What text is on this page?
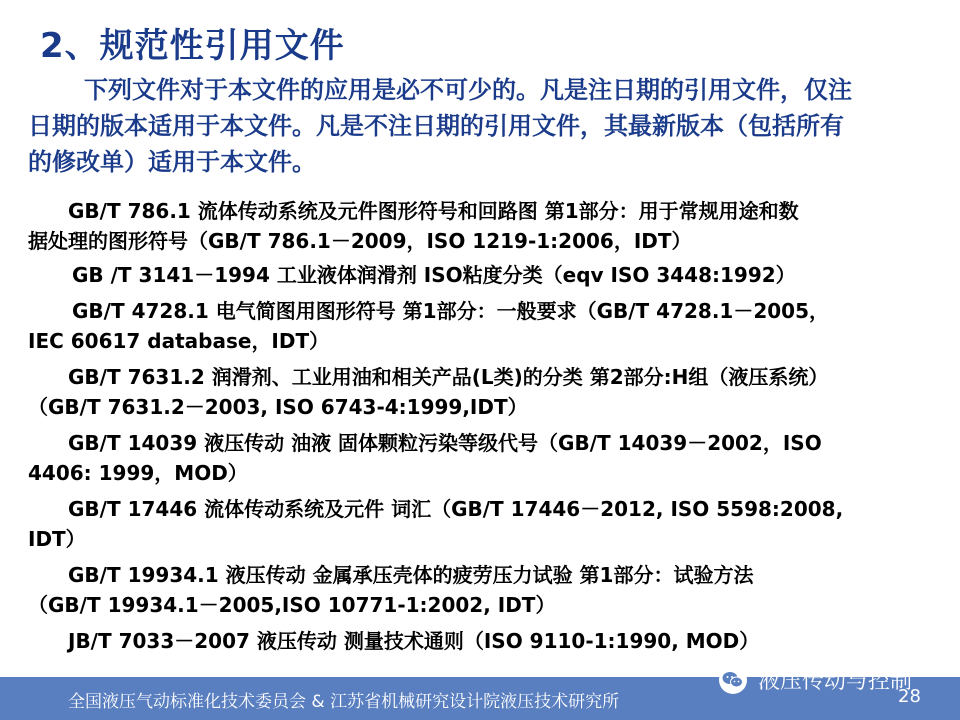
2、规范性引用文件
下列文件对于本文件的应用是必不可少的。凡是注日期的引用文件，仅注
日期的版本适用于本文件。凡是不注日期的引用文件，其最新版本（包括所有
的修改单）适用于本文件。
GB/T 786.1 流体传动系统及元件图形符号和回路图 第1部分：用于常规用途和数
据处理的图形符号（GB/T 786.1－2009，ISO 1219-1:2006，IDT）
GB /T 3141－1994 工业液体润滑剂 ISO粘度分类（eqv ISO 3448:1992）
GB/T 4728.1 电气简图用图形符号 第1部分：一般要求（GB/T 4728.1－2005，
IEC 60617 database，IDT）
GB/T 7631.2 润滑剂、工业用油和相关产品(L类)的分类 第2部分:H组（液压系统）
（GB/T 7631.2－2003, ISO 6743-4:1999,IDT）
GB/T 14039 液压传动 油液 固体颗粒污染等级代号（GB/T 14039－2002，ISO
4406: 1999，MOD）
GB/T 17446 流体传动系统及元件 词汇（GB/T 17446－2012, ISO 5598:2008,
IDT）
GB/T 19934.1 液压传动 金属承压壳体的疲劳压力试验 第1部分：试验方法
（GB/T 19934.1－2005,ISO 10771-1:2002, IDT）
JB/T 7033－2007 液压传动 测量技术通则（ISO 9110-1:1990, MOD）
全国液压气动标准化技术委员会 & 江苏省机械研究设计院液压技术研究所
液压传动与控制
28
